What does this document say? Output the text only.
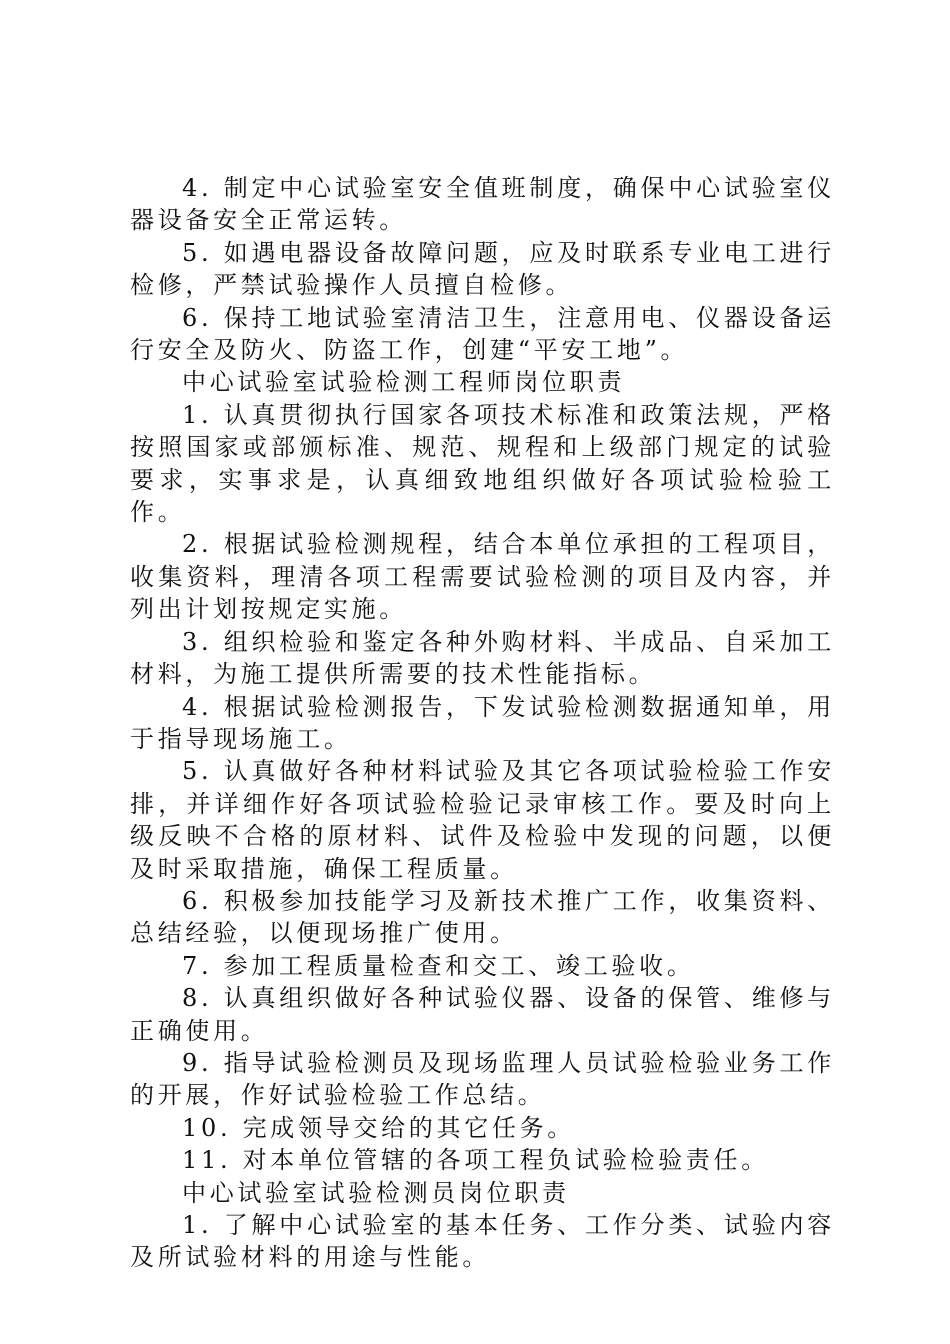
4. 制定中心试验室安全值班制度，确保中心试验室仪器设备安全正常运转。

5. 如遇电器设备故障问题，应及时联系专业电工进行检修，严禁试验操作人员擅自检修。

6. 保持工地试验室清洁卫生，注意用电、仪器设备运行安全及防火、防盗工作，创建“平安工地”。

中心试验室试验检测工程师岗位职责

1. 认真贯彻执行国家各项技术标准和政策法规，严格按照国家或部颁标准、规范、规程和上级部门规定的试验要求，实事求是，认真细致地组织做好各项试验检验工作。

2. 根据试验检测规程，结合本单位承担的工程项目，收集资料，理清各项工程需要试验检测的项目及内容，并列出计划按规定实施。

3. 组织检验和鉴定各种外购材料、半成品、自采加工材料，为施工提供所需要的技术性能指标。

4. 根据试验检测报告，下发试验检测数据通知单，用于指导现场施工。

5. 认真做好各种材料试验及其它各项试验检验工作安排，并详细作好各项试验检验记录审核工作。要及时向上级反映不合格的原材料、试件及检验中发现的问题，以便及时采取措施，确保工程质量。

6. 积极参加技能学习及新技术推广工作，收集资料、总结经验，以便现场推广使用。

7. 参加工程质量检查和交工、竣工验收。

8. 认真组织做好各种试验仪器、设备的保管、维修与正确使用。

9. 指导试验检测员及现场监理人员试验检验业务工作的开展，作好试验检验工作总结。

10. 完成领导交给的其它任务。

11. 对本单位管辖的各项工程负试验检验责任。

中心试验室试验检测员岗位职责

1. 了解中心试验室的基本任务、工作分类、试验内容及所试验材料的用途与性能。
